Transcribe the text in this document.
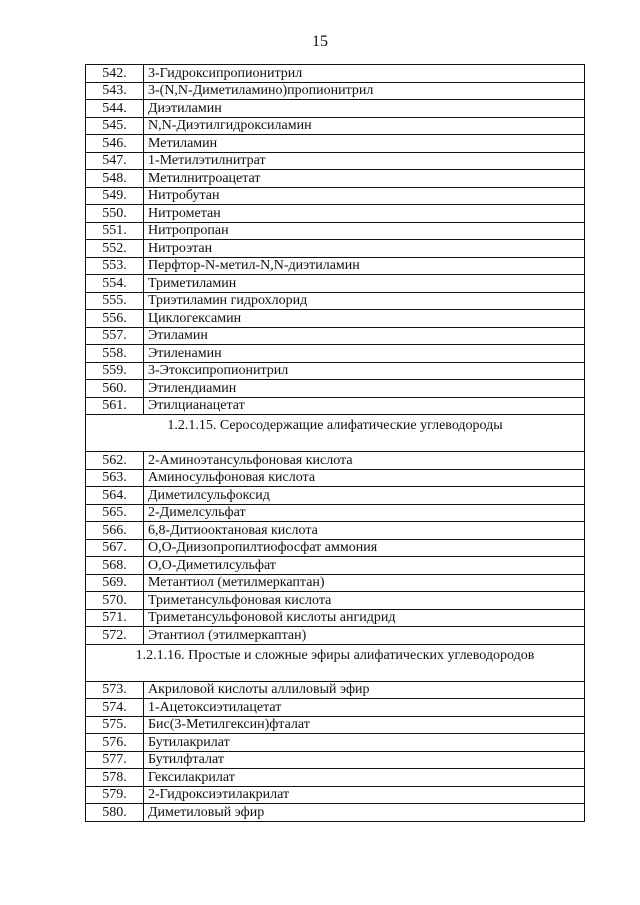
15
542.	3-Гидроксипропионитрил
543.	3-(N,N-Диметиламино)пропионитрил
544.	Диэтиламин
545.	N,N-Диэтилгидроксиламин
546.	Метиламин
547.	1-Метилэтилнитрат
548.	Метилнитроацетат
549.	Нитробутан
550.	Нитрометан
551.	Нитропропан
552.	Нитроэтан
553.	Перфтор-N-метил-N,N-диэтиламин
554.	Триметиламин
555.	Триэтиламин гидрохлорид
556.	Циклогексамин
557.	Этиламин
558.	Этиленамин
559.	3-Этоксипропионитрил
560.	Этилендиамин
561.	Этилцианацетат
1.2.1.15. Серосодержащие алифатические углеводороды	
562.	2-Аминоэтансульфоновая кислота
563.	Аминосульфоновая кислота
564.	Диметилсульфоксид
565.	2-Димелсульфат
566.	6,8-Дитиооктановая кислота
567.	О,О-Диизопропилтиофосфат аммония
568.	О,О-Диметилсульфат
569.	Метантиол (метилмеркаптан)
570.	Триметансульфоновая кислота
571.	Триметансульфоновой кислоты ангидрид
572.	Этантиол (этилмеркаптан)
1.2.1.16. Простые и сложные эфиры алифатических углеводородов	
573.	Акриловой кислоты аллиловый эфир
574.	1-Ацетоксиэтилацетат
575.	Бис(3-Метилгексин)фталат
576.	Бутилакрилат
577.	Бутилфталат
578.	Гексилакрилат
579.	2-Гидроксиэтилакрилат
580.	Диметиловый эфир
